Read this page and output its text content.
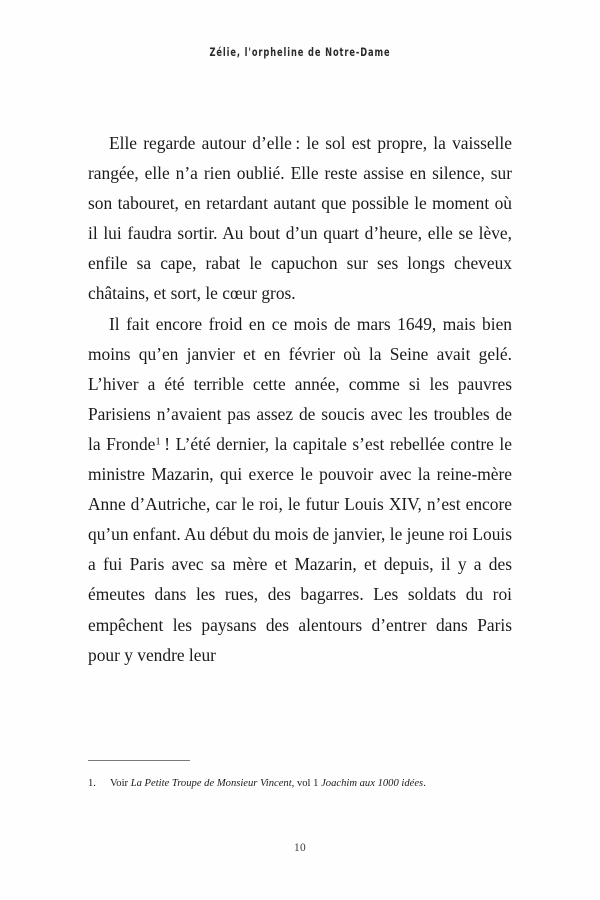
Zélie, l'orpheline de Notre-Dame

Elle regarde autour d’elle : le sol est propre, la vaisselle rangée, elle n’a rien oublié. Elle reste assise en silence, sur son tabouret, en retardant autant que possible le moment où il lui faudra sortir. Au bout d’un quart d’heure, elle se lève, enfile sa cape, rabat le capuchon sur ses longs cheveux châtains, et sort, le cœur gros.

Il fait encore froid en ce mois de mars 1649, mais bien moins qu’en janvier et en février où la Seine avait gelé. L’hiver a été terrible cette année, comme si les pauvres Parisiens n’avaient pas assez de soucis avec les troubles de la Fronde$^1$ ! L’été dernier, la capitale s’est rebellée contre le ministre Mazarin, qui exerce le pouvoir avec la reine-mère Anne d’Autriche, car le roi, le futur Louis XIV, n’est encore qu’un enfant. Au début du mois de janvier, le jeune roi Louis a fui Paris avec sa mère et Mazarin, et depuis, il y a des émeutes dans les rues, des bagarres. Les soldats du roi empêchent les paysans des alentours d’entrer dans Paris pour y vendre leur

1. Voir La Petite Troupe de Monsieur Vincent, vol 1 Joachim aux 1000 idées.
10
